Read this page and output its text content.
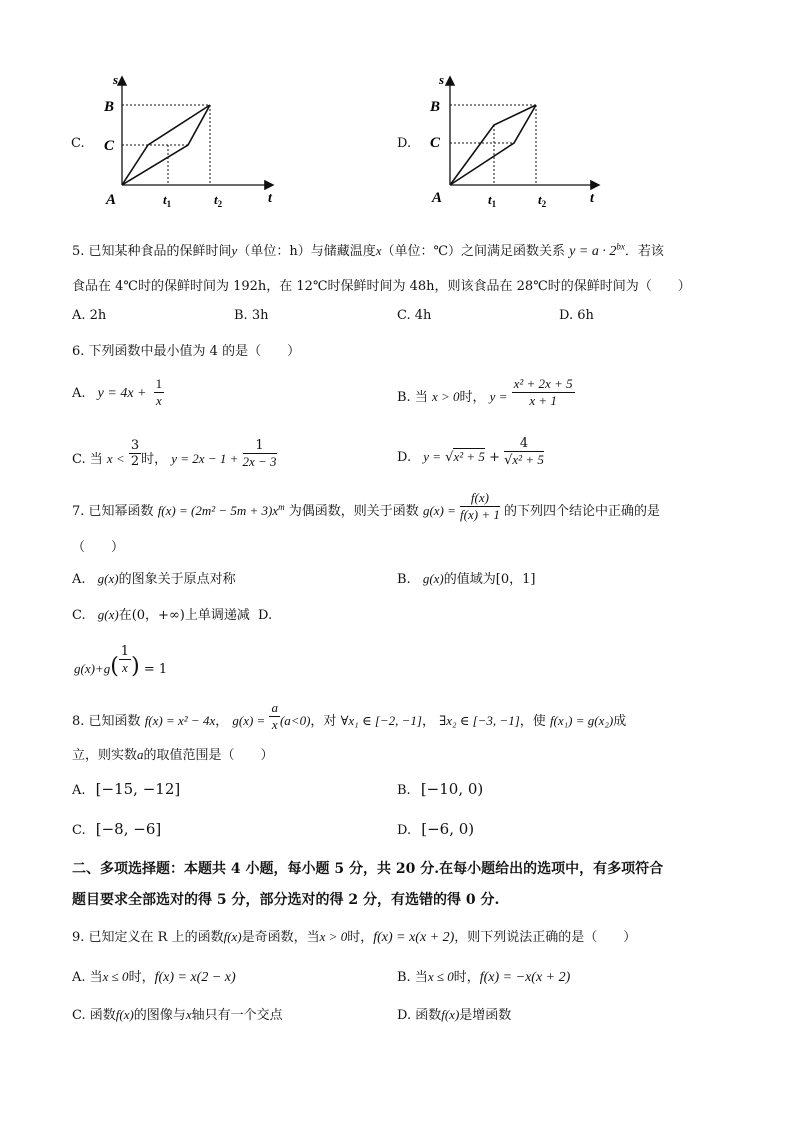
C.
s
B
C
A	$t_1$	$t_2$	t
D.
s
B
C
A	$t_1$	$t_2$	t
5. 已知某种食品的保鲜时间y（单位：h）与储藏温度x（单位：℃）之间满足函数关系 $y = a \cdot 2^{bx}$．若该
食品在 4℃时的保鲜时间为 192h，在 12℃时保鲜时间为 48h，则该食品在 28℃时的保鲜时间为（　　）
A. 2h	B. 3h	C. 4h	D. 6h
6. 下列函数中最小值为 4 的是（　　）
A. $y = 4x + \frac{1}{x}$	B. 当 x > 0时， $y = \frac{\text{x² + 2x + 5}}{x + 1}$
C. 当 $x < \frac{3}{2}$ 时， $y = 2x - 1 + \frac{1}{2x - 3}$	D. $y = √x^2 + 5 + \frac{4}{\text{√x² + 5}}$
7. 已知幂函数 $f(x) = (2m^2 - 5m + 3)x^m$ 为偶函数，则关于函数 $g(x) = \frac{f(x)}{f(x) + 1}$ 的下列四个结论中正确的是
（　　）
A. g(x)的图象关于原点对称	B. g(x)的值域为[0，1]
C. g(x)在(0，+∞)上单调递减 D.
$g(x)+g( \frac{1}{x}$ ) = 1
8. 已知函数 f(x) = x² − 4x， $g(x) = \frac{a}{x} (a<0)$，对 ∀x₁ ∈ [−2, −1]， ∃x₂ ∈ [−3, −1]，使 f(x₁) = g(x₂)成
立，则实数a的取值范围是（　　）
A. [−15, −12]	B. [−10, 0)
C. [−8, −6]	D. [−6, 0)
二、多项选择题：本题共 4 小题，每小题 5 分，共 20 分.在每小题给出的选项中，有多项符合
题目要求全部选对的得 5 分，部分选对的得 2 分，有选错的得 0 分.
9. 已知定义在 R 上的函数f(x)是奇函数，当x > 0时，f(x) = x(x + 2)，则下列说法正确的是（　　）
A. 当x ≤ 0时，f(x) = x(2 − x)	B. 当x ≤ 0时，f(x) = −x(x + 2)
C. 函数f(x)的图像与x轴只有一个交点	D. 函数f(x)是增函数
